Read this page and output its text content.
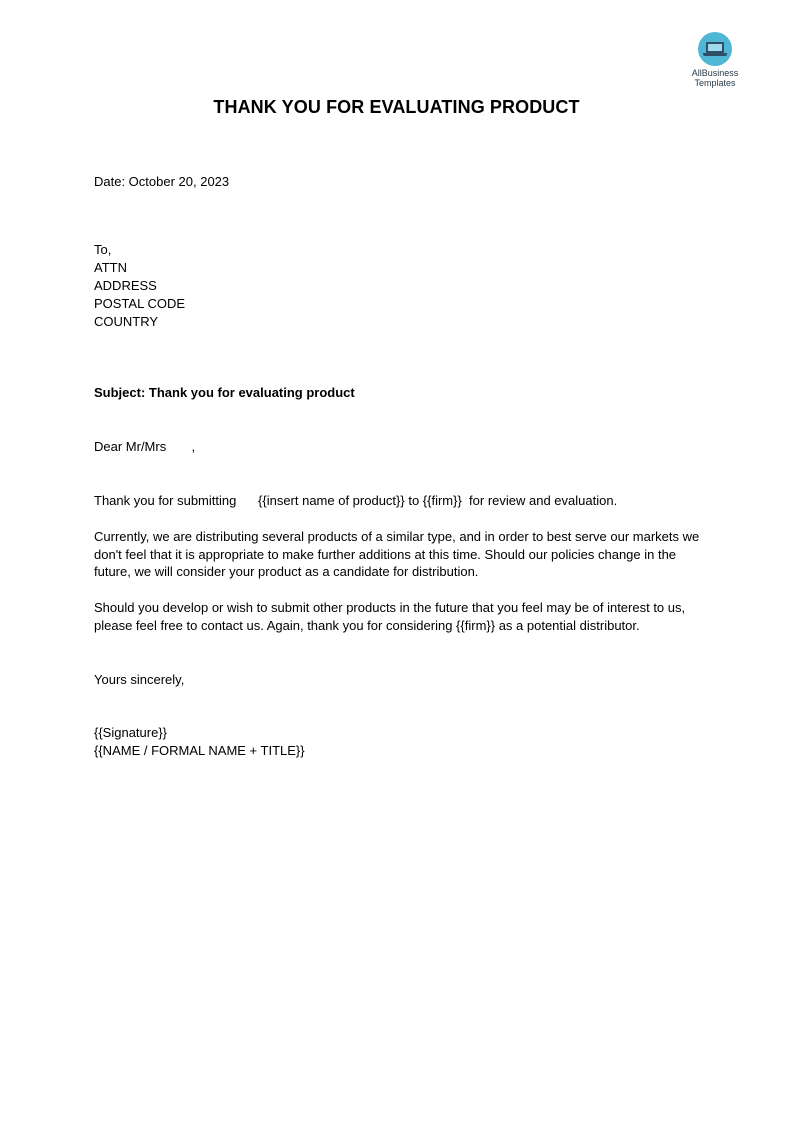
AllBusiness
Templates
THANK YOU FOR EVALUATING PRODUCT
Date: October 20, 2023
To,
ATTN
ADDRESS
POSTAL CODE
COUNTRY
Subject: Thank you for evaluating product
Dear Mr/Mrs       ,
Thank you for submitting      {{insert name of product}} to {{firm}}  for review and evaluation.
Currently, we are distributing several products of a similar type, and in order to best serve our markets we don't feel that it is appropriate to make further additions at this time. Should our policies change in the future, we will consider your product as a candidate for distribution.
Should you develop or wish to submit other products in the future that you feel may be of interest to us, please feel free to contact us. Again, thank you for considering {{firm}} as a potential distributor.
Yours sincerely,
{{Signature}}
{{NAME / FORMAL NAME + TITLE}}
